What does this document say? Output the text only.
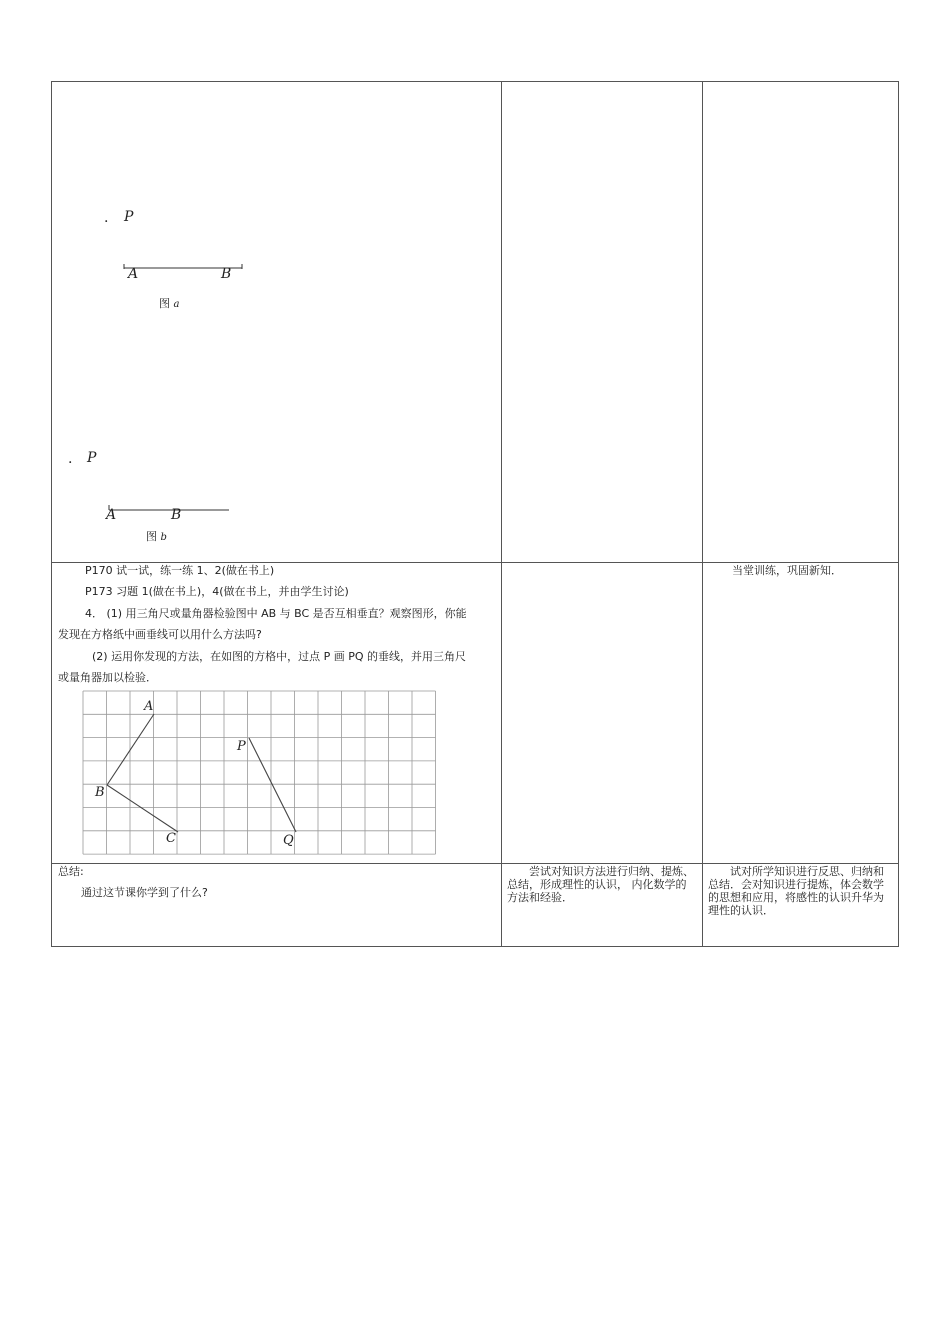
. P
A	B
图 a
. P
A	B
图 b
P170 试一试，练一练 1、2(做在书上)
P173 习题 1(做在书上)，4(做在书上，并由学生讨论)
4． (1) 用三角尺或量角器检验图中 AB 与 BC 是否互相垂直？观察图形，你能
发现在方格纸中画垂线可以用什么方法吗?
(2) 运用你发现的方法，在如图的方格中，过点 P 画 PQ 的垂线，并用三角尺
或量角器加以检验．
当堂训练，巩固新知．
A
B
C
P
Q
总结:
通过这节课你学到了什么?
尝试对知识方法进行归纳、提炼、总结，形成理性的认识， 内化数学的方法和经验．
试对所学知识进行反思、归纳和总结．会对知识进行提炼，体会数学的思想和应用，将感性的认识升华为理性的认识．
